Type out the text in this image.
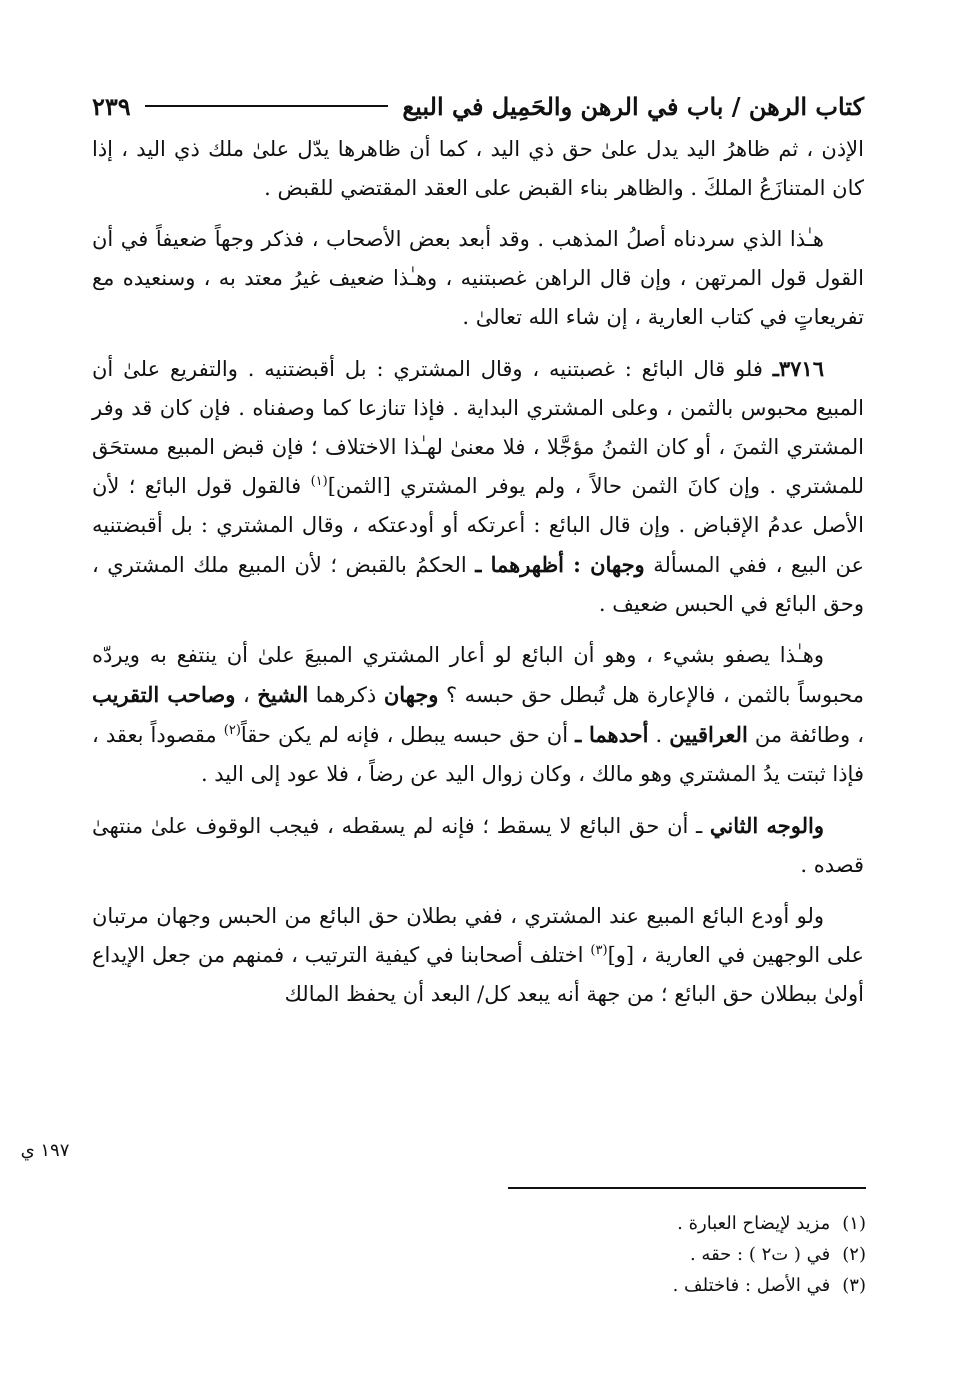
كتاب الرهن / باب في الرهن والحَمِيل في البيع
٢٣٩

الإذن ، ثم ظاهرُ اليد يدل علىٰ حق ذي اليد ، كما أن ظاهرها يدّل علىٰ ملك ذي اليد ، إذا كان المتنازَعُ الملكَ . والظاهر بناء القبض على العقد المقتضي للقبض .

هـٰذا الذي سردناه أصلُ المذهب . وقد أبعد بعض الأصحاب ، فذكر وجهاً ضعيفاً في أن القول قول المرتهن ، وإن قال الراهن غصبتنيه ، وهـٰذا ضعيف غيرُ معتد به ، وسنعيده مع تفريعاتٍ في كتاب العارية ، إن شاء الله تعالىٰ .

٣٧١٦ـ فلو قال البائع : غصبتنيه ، وقال المشتري : بل أقبضتنيه . والتفريع علىٰ أن المبيع محبوس بالثمن ، وعلى المشتري البداية . فإذا تنازعا كما وصفناه . فإن كان قد وفر المشتري الثمنَ ، أو كان الثمنُ مؤجَّلا ، فلا معنىٰ لهـٰذا الاختلاف ؛ فإن قبض المبيع مستحَق للمشتري . وإن كانَ الثمن حالاً ، ولم يوفر المشتري [الثمن]$^{(١)}$ فالقول قول البائع ؛ لأن الأصل عدمُ الإقباض . وإن قال البائع : أعرتكه أو أودعتكه ، وقال المشتري : بل أقبضتنيه عن البيع ، ففي المسألة وجهان : أظهرهما ـ الحكمُ بالقبض ؛ لأن المبيع ملك المشتري ، وحق البائع في الحبس ضعيف .

وهـٰذا يصفو بشيء ، وهو أن البائع لو أعار المشتري المبيعَ علىٰ أن ينتفع به ويردّه محبوساً بالثمن ، فالإعارة هل تُبطل حق حبسه ؟ وجهان ذكرهما الشيخ ، وصاحب التقريب ، وطائفة من العراقيين . أحدهما ـ أن حق حبسه يبطل ، فإنه لم يكن حقاً$^{(٢)}$ مقصوداً بعقد ، فإذا ثبتت يدُ المشتري وهو مالك ، وكان زوال اليد عن رضاً ، فلا عود إلى اليد .

والوجه الثاني ـ أن حق البائع لا يسقط ؛ فإنه لم يسقطه ، فيجب الوقوف علىٰ منتهىٰ قصده .

ولو أودع البائع المبيع عند المشتري ، ففي بطلان حق البائع من الحبس وجهان مرتبان على الوجهين في العارية ، [و]$^{(٣)}$ اختلف أصحابنا في كيفية الترتيب ، فمنهم من جعل الإيداع أولىٰ ببطلان حق البائع ؛ من جهة أنه يبعد كل/ البعد أن يحفظ المالك

١٩٧ ي
(١)
مزيد لإيضاح العبارة .
(٢)
في ( ت٢ ) : حقه .
(٣)
في الأصل : فاختلف .
